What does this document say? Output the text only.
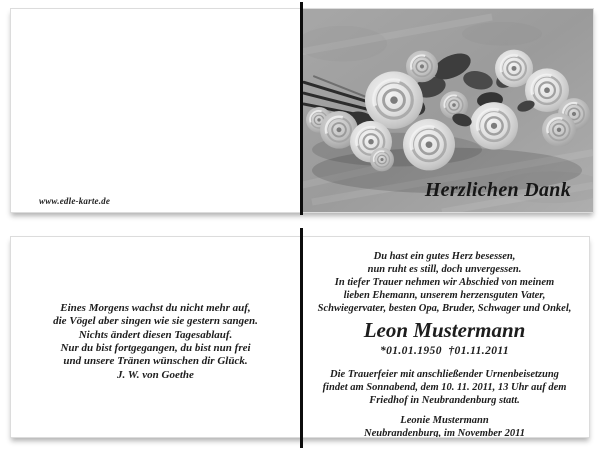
www.edle-karte.de	Herzlichen Dank
Eines Morgens wachst du nicht mehr auf,
die Vögel aber singen wie sie gestern sangen.
Nichts ändert diesen Tagesablauf.
Nur du bist fortgegangen, du bist nun frei
und unsere Tränen wünschen dir Glück.
J. W. von Goethe
Du hast ein gutes Herz besessen,
nun ruht es still, doch unvergessen.
In tiefer Trauer nehmen wir Abschied von meinem
lieben Ehemann, unserem herzensguten Vater,
Schwiegervater, besten Opa, Bruder, Schwager und Onkel,
Leon Mustermann
*01.01.1950  †01.11.2011
Die Trauerfeier mit anschließender Urnenbeisetzung
findet am Sonnabend, dem 10. 11. 2011, 13 Uhr auf dem
Friedhof in Neubrandenburg statt.
Leonie Mustermann
Neubrandenburg, im November 2011
